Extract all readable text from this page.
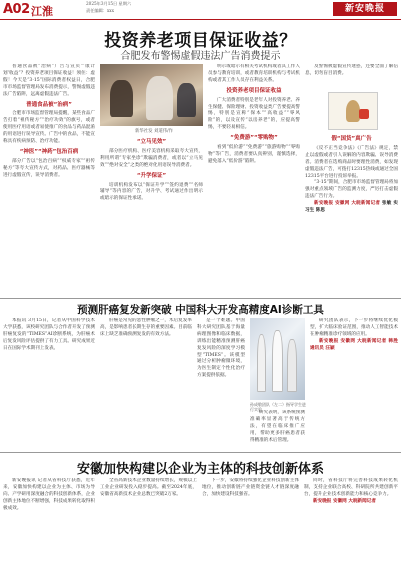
A02 江淮
2025年3月15日 星期六
责任编辑：xxx	新安晚报
投资养老项目保证收益？
合肥发布警惕虚假违法广告消费提示

普通食品被“治病”广告与宣页”‘康计划’收益”？投资养老项目保证收益！须住：虚假！今天是“3·15”国际消费者权益日，合肥市市场监督管理局发布消费提示，警惕虚假违法广告陷阱，远离虚假违法广告。

普通食品被“治病”

合肥市市场监督管理局提醒，某些食品广告打着“祖传秘方”“治疗功效”的旗号，或者使用医疗用语或者易使推广的食品与药品混淆的用语进行误导宣传。广告中的食品，不能宣称具有疾病预防、治疗功能。

“神医”“神药”包治百病

部分广告以“包治百病”“权威专家”“祖传秘方”等夸大宣传方式，对药品、医疗器械等进行虚假宣传，误导消费者。

新华社发 刘道伟/作
“立马见效”

部分医疗机构、医疗美容机构采取夸大宣传，利用所谓“专家坐诊”欺骗消费者，或者以“立马见效”“绝对安全”之类的绝对化用语误导消费者。

“升学保证”

培训机构发布以“保证升学”“签约退费”“名师辅导”等内容的广告，对升学、考试通过作出明示或暗示的保证性承诺。

明示或暗示有相关考试机构或者其工作人员参与教育培训，或者教育培训机构与考试机构或者其工作人员存在利益关系。

投资养老项目保证收益

广大消费者特别是老年人对投资养老、养生保健、保险理财、投资收益类广告要提高警惕，特别是宣称“保本”“高收益”“零风险”的，以及宣传“以房养老”的，应提高警惕，不要轻易相信。

“免费游”“零购物”

看到“低价游”“免费游”“旅游购物”“零购物”等广告，消费者要认真辨别，谨慎选择，避免落入“低价游”陷阱。

及警惕被虚假宣传迷惑，还要全面了解信息，切勿盲目消费。

假“国货”真广告

《反不正当竞争法》《广告法》规定，禁止以虚假或者引人误解的内容欺骗、误导消费者。消费者在选购商品时要理性消费，如发现虚假违法广告，可拨打12315热线或通过全国12315平台进行投诉举报。

“3·15”期间，合肥市市场监督管理局将加强对重点领域广告的监测力度，严厉打击虚假违法广告行为。

新安晚报 安徽网 大皖新闻记者 张敏 实习生 陈思

预测肝癌复发新突破 中国科大开发高精度AI诊断工具

本报讯 3月15日，记者从中国科学技术大学获悉，该校研究团队与合作者开发了预测肝癌复发的“TIMES”AI诊断系统，为肝癌术后复发风险评估提供了有力工具。研究成果近日在国际学术期刊上发表。

肝癌是常见的恶性肿瘤之一，术后复发率高，是影响患者长期生存的重要因素。目前临床上缺乏准确预测复发的有效方法。

是一个难题。中国科大研究团队基于海量病理图像和临床数据，训练出能精准预测肝癌复发风险的深度学习模型“TIMES”。该模型通过分析肿瘤微环境，为医生制定个性化治疗方案提供依据。

孙成敬团队（左二）指导学生进行实验

研究表明，该系统预测准确率显著高于传统方法，有望在临床推广应用，帮助更多肝癌患者获得精准的术后管理。

研究团队表示，下一步将继续优化模型，扩大临床验证范围，推动人工智能技术在肿瘤精准诊疗领域的应用。

新安晚报 安徽网 大皖新闻记者 韩胜 通讯员 汪颖

安徽加快构建以企业为主体的科技创新体系

新安晚报讯 记者从省科技厅获悉，近年来，安徽加快构建以企业为主体、市场为导向、产学研用深度融合的科技创新体系，企业创新主体地位不断增强，科技成果转化取得积极成效。

全省高新技术企业数量持续增长，规模以上工业企业研发投入稳步提高。截至2024年底，安徽省高新技术企业总数已突破2万家。

下一步，安徽将持续强化企业科技创新主体地位，推动创新链产业链资金链人才链深度融合，加快建设科技强省。

同时，省科技厅将完善科技成果转化机制，支持企业联合高校、科研院所共建创新平台，提升企业技术创新能力和核心竞争力。

新安晚报 安徽网 大皖新闻记者
